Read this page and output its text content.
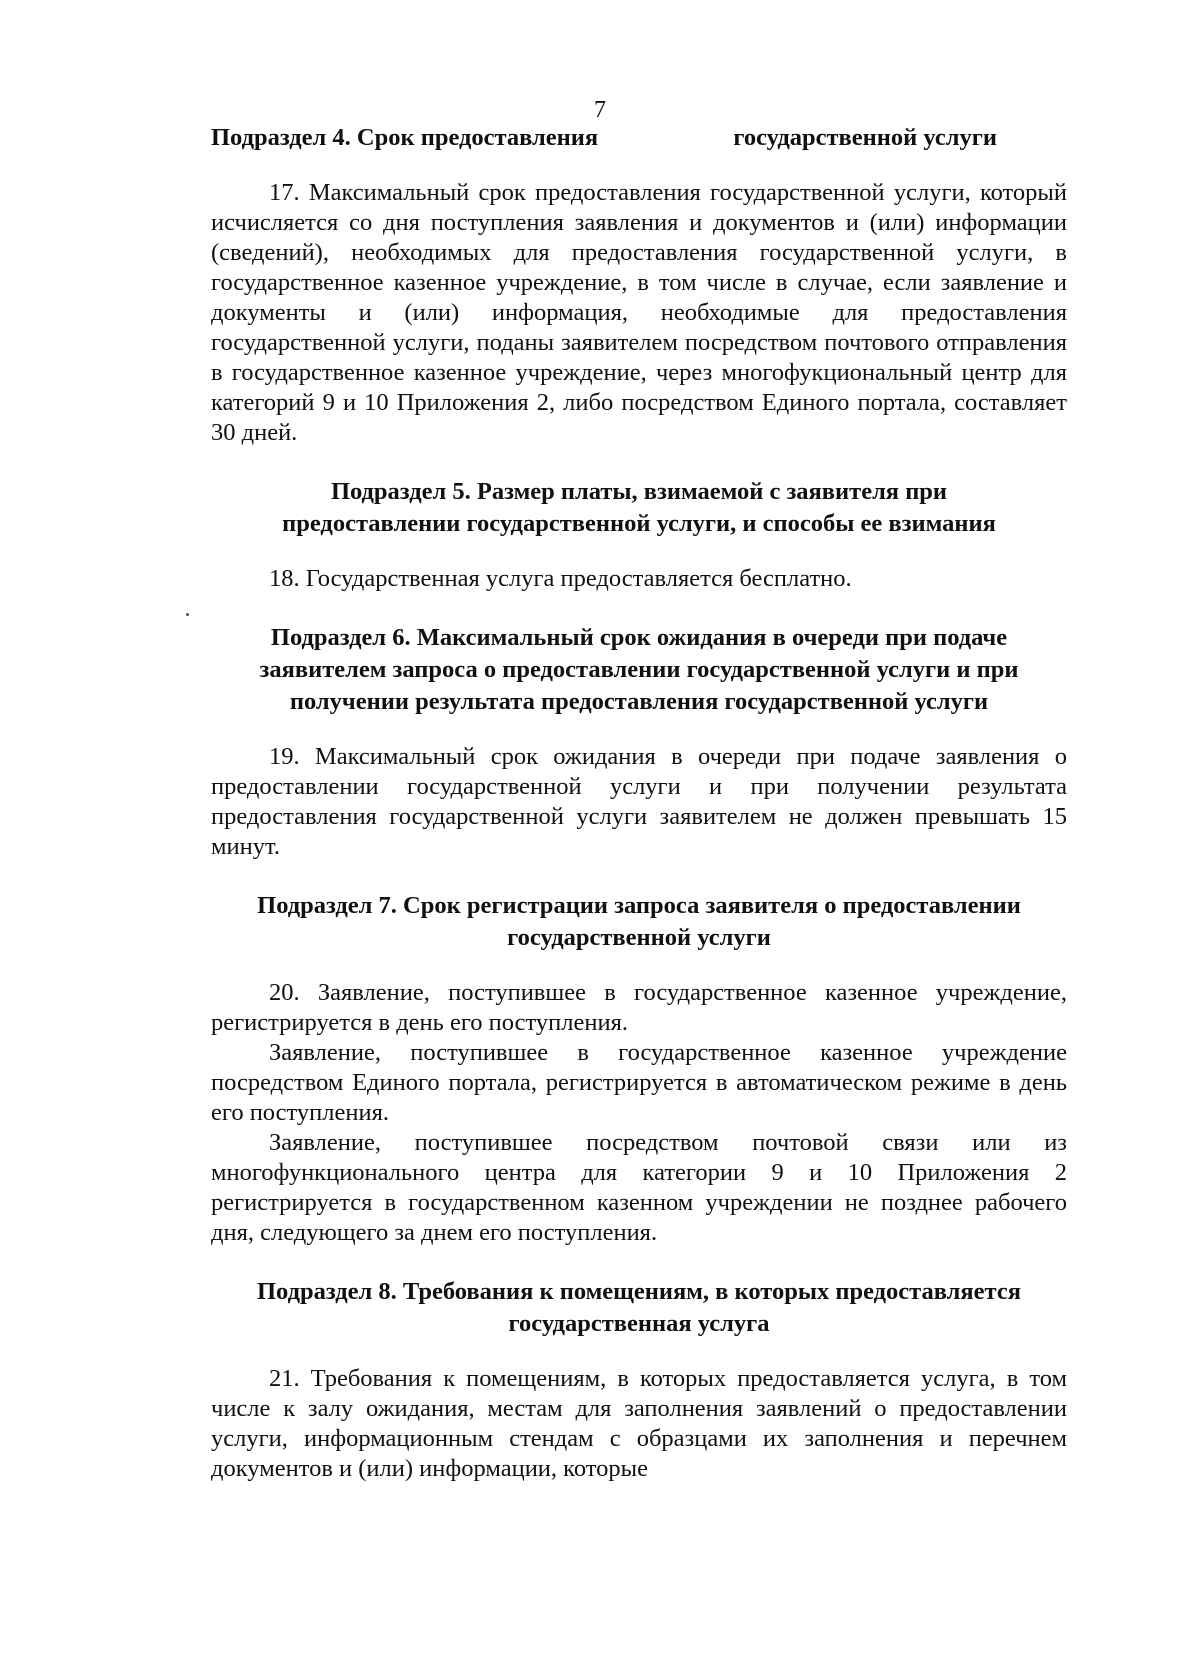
7
Подраздел 4. Срок предоставления	государственной услуги

17. Максимальный срок предоставления государственной услуги, который исчисляется со дня поступления заявления и документов и (или) информации (сведений), необходимых для предоставления государственной услуги, в государственное казенное учреждение, в том числе в случае, если заявление и документы и (или) информация, необходимые для предоставления государственной услуги, поданы заявителем посредством почтового отправления в государственное казенное учреждение, через многофукциональный центр для категорий 9 и 10 Приложения 2, либо посредством Единого портала, составляет 30 дней.

Подраздел 5. Размер платы, взимаемой с заявителя при предоставлении государственной услуги, и способы ее взимания

18. Государственная услуга предоставляется бесплатно.

Подраздел 6. Максимальный срок ожидания в очереди при подаче заявителем запроса о предоставлении государственной услуги и при получении результата предоставления государственной услуги

19. Максимальный срок ожидания в очереди при подаче заявления о предоставлении государственной услуги и при получении результата предоставления государственной услуги заявителем не должен превышать 15 минут.

Подраздел 7. Срок регистрации запроса заявителя о предоставлении государственной услуги

20. Заявление, поступившее в государственное казенное учреждение, регистрируется в день его поступления.

Заявление, поступившее в государственное казенное учреждение посредством Единого портала, регистрируется в автоматическом режиме в день его поступления.

Заявление, поступившее посредством почтовой связи или из многофункционального центра для категории 9 и 10 Приложения 2 регистрируется в государственном казенном учреждении не позднее рабочего дня, следующего за днем его поступления.

Подраздел 8. Требования к помещениям, в которых предоставляется государственная услуга

21. Требования к помещениям, в которых предоставляется услуга, в том числе к залу ожидания, местам для заполнения заявлений о предоставлении услуги, информационным стендам с образцами их заполнения и перечнем документов и (или) информации, которые
